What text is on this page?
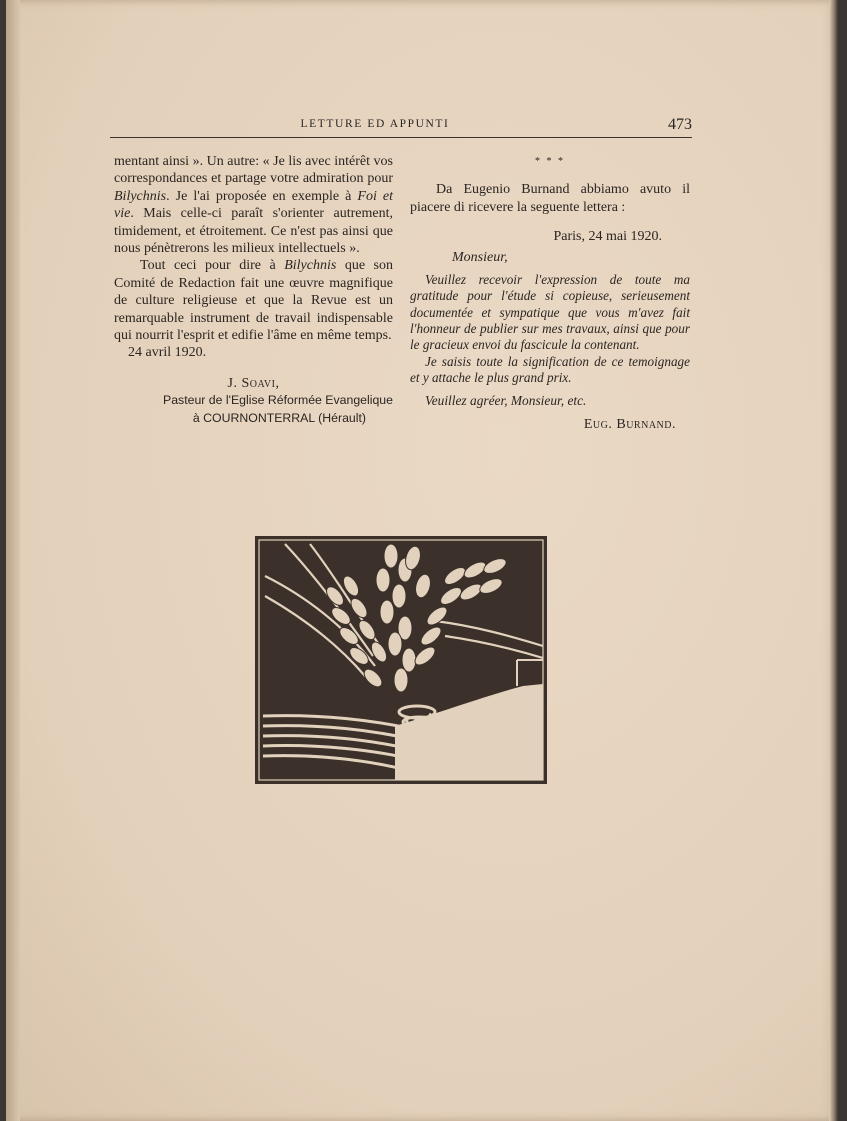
LETTURE ED APPUNTI	473

mentant ainsi ». Un autre: « Je lis avec intérêt vos correspondances et partage votre admiration pour Bilychnis. Je l'ai proposée en exemple à Foi et vie. Mais celle-ci paraît s'orienter autrement, timidement, et étroitement. Ce n'est pas ainsi que nous pénètrerons les milieux intellectuels ».

Tout ceci pour dire à Bilychnis que son Comité de Redaction fait une œuvre magnifique de culture religieuse et que la Revue est un remarquable instrument de travail indispensable qui nourrit l'esprit et edifie l'âme en même temps.

24 avril 1920.

J. Soavi,

Pasteur de l'Eglise Réformée Evangelique

à COURNONTERRAL (Hérault)

* * *

Da Eugenio Burnand abbiamo avuto il piacere di ricevere la seguente lettera :

Paris, 24 mai 1920.

Monsieur,

Veuillez recevoir l'expression de toute ma gratitude pour l'étude si copieuse, serieusement documentée et sympatique que vous m'avez fait l'honneur de publier sur mes travaux, ainsi que pour le gracieux envoi du fascicule la contenant.

Je saisis toute la signification de ce temoignage et y attache le plus grand prix.

Veuillez agréer, Monsieur, etc.

Eug. Burnand.
